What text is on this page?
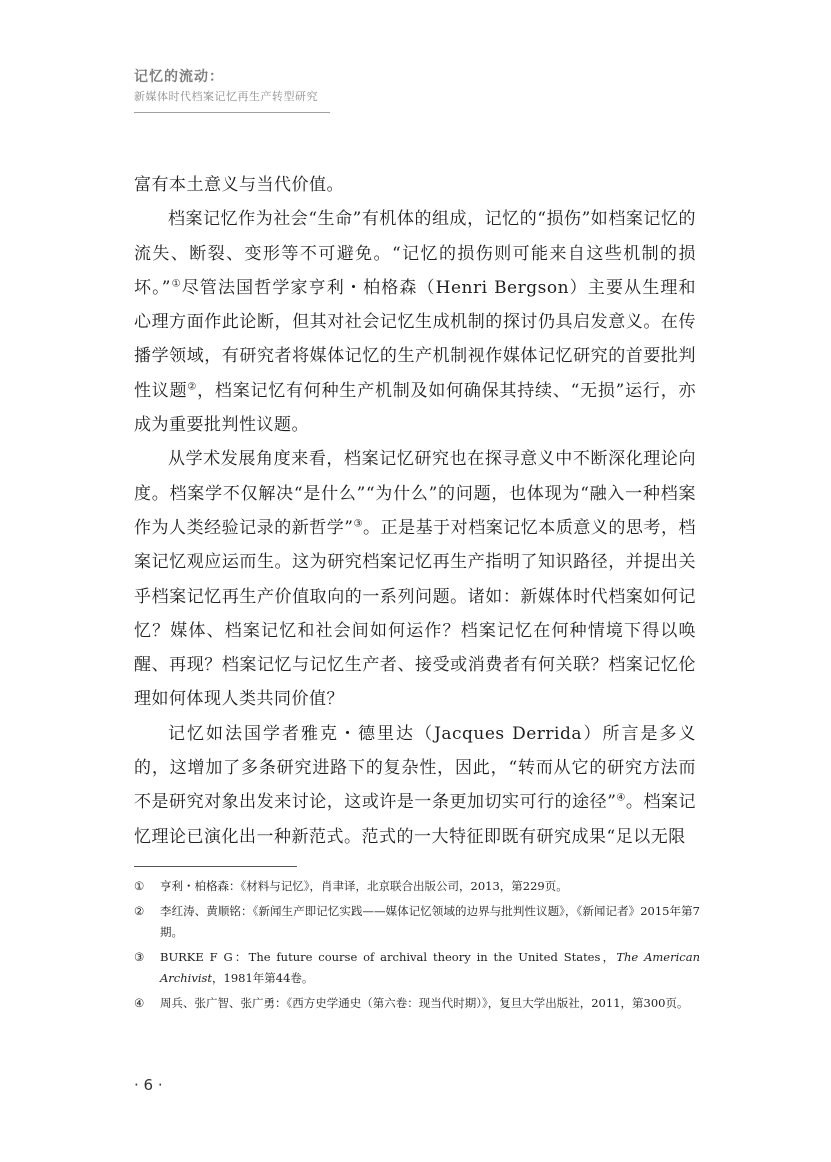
记忆的流动：
新媒体时代档案记忆再生产转型研究

富有本土意义与当代价值。

档案记忆作为社会“生命”有机体的组成，记忆的“损伤”如档案记忆的流失、断裂、变形等不可避免。“记忆的损伤则可能来自这些机制的损坏。”①尽管法国哲学家亨利・柏格森（Henri Bergson）主要从生理和心理方面作此论断，但其对社会记忆生成机制的探讨仍具启发意义。在传播学领域，有研究者将媒体记忆的生产机制视作媒体记忆研究的首要批判性议题②，档案记忆有何种生产机制及如何确保其持续、“无损”运行，亦成为重要批判性议题。

从学术发展角度来看，档案记忆研究也在探寻意义中不断深化理论向度。档案学不仅解决“是什么”“为什么”的问题，也体现为“融入一种档案作为人类经验记录的新哲学”③。正是基于对档案记忆本质意义的思考，档案记忆观应运而生。这为研究档案记忆再生产指明了知识路径，并提出关乎档案记忆再生产价值取向的一系列问题。诸如：新媒体时代档案如何记忆？媒体、档案记忆和社会间如何运作？档案记忆在何种情境下得以唤醒、再现？档案记忆与记忆生产者、接受或消费者有何关联？档案记忆伦理如何体现人类共同价值？

记忆如法国学者雅克・德里达（Jacques Derrida）所言是多义的，这增加了多条研究进路下的复杂性，因此，“转而从它的研究方法而不是研究对象出发来讨论，这或许是一条更加切实可行的途径”④。档案记忆理论已演化出一种新范式。范式的一大特征即既有研究成果“足以无限

①	亨利・柏格森：《材料与记忆》，肖聿译，北京联合出版公司，2013，第229页。
②	李红涛、黄顺铭：《新闻生产即记忆实践——媒体记忆领域的边界与批判性议题》，《新闻记者》2015年第7期。
③	BURKE F G：The future course of archival theory in the United States，The American Archivist，1981年第44卷。
④	周兵、张广智、张广勇：《西方史学通史（第六卷：现当代时期）》，复旦大学出版社，2011，第300页。
· 6 ·
